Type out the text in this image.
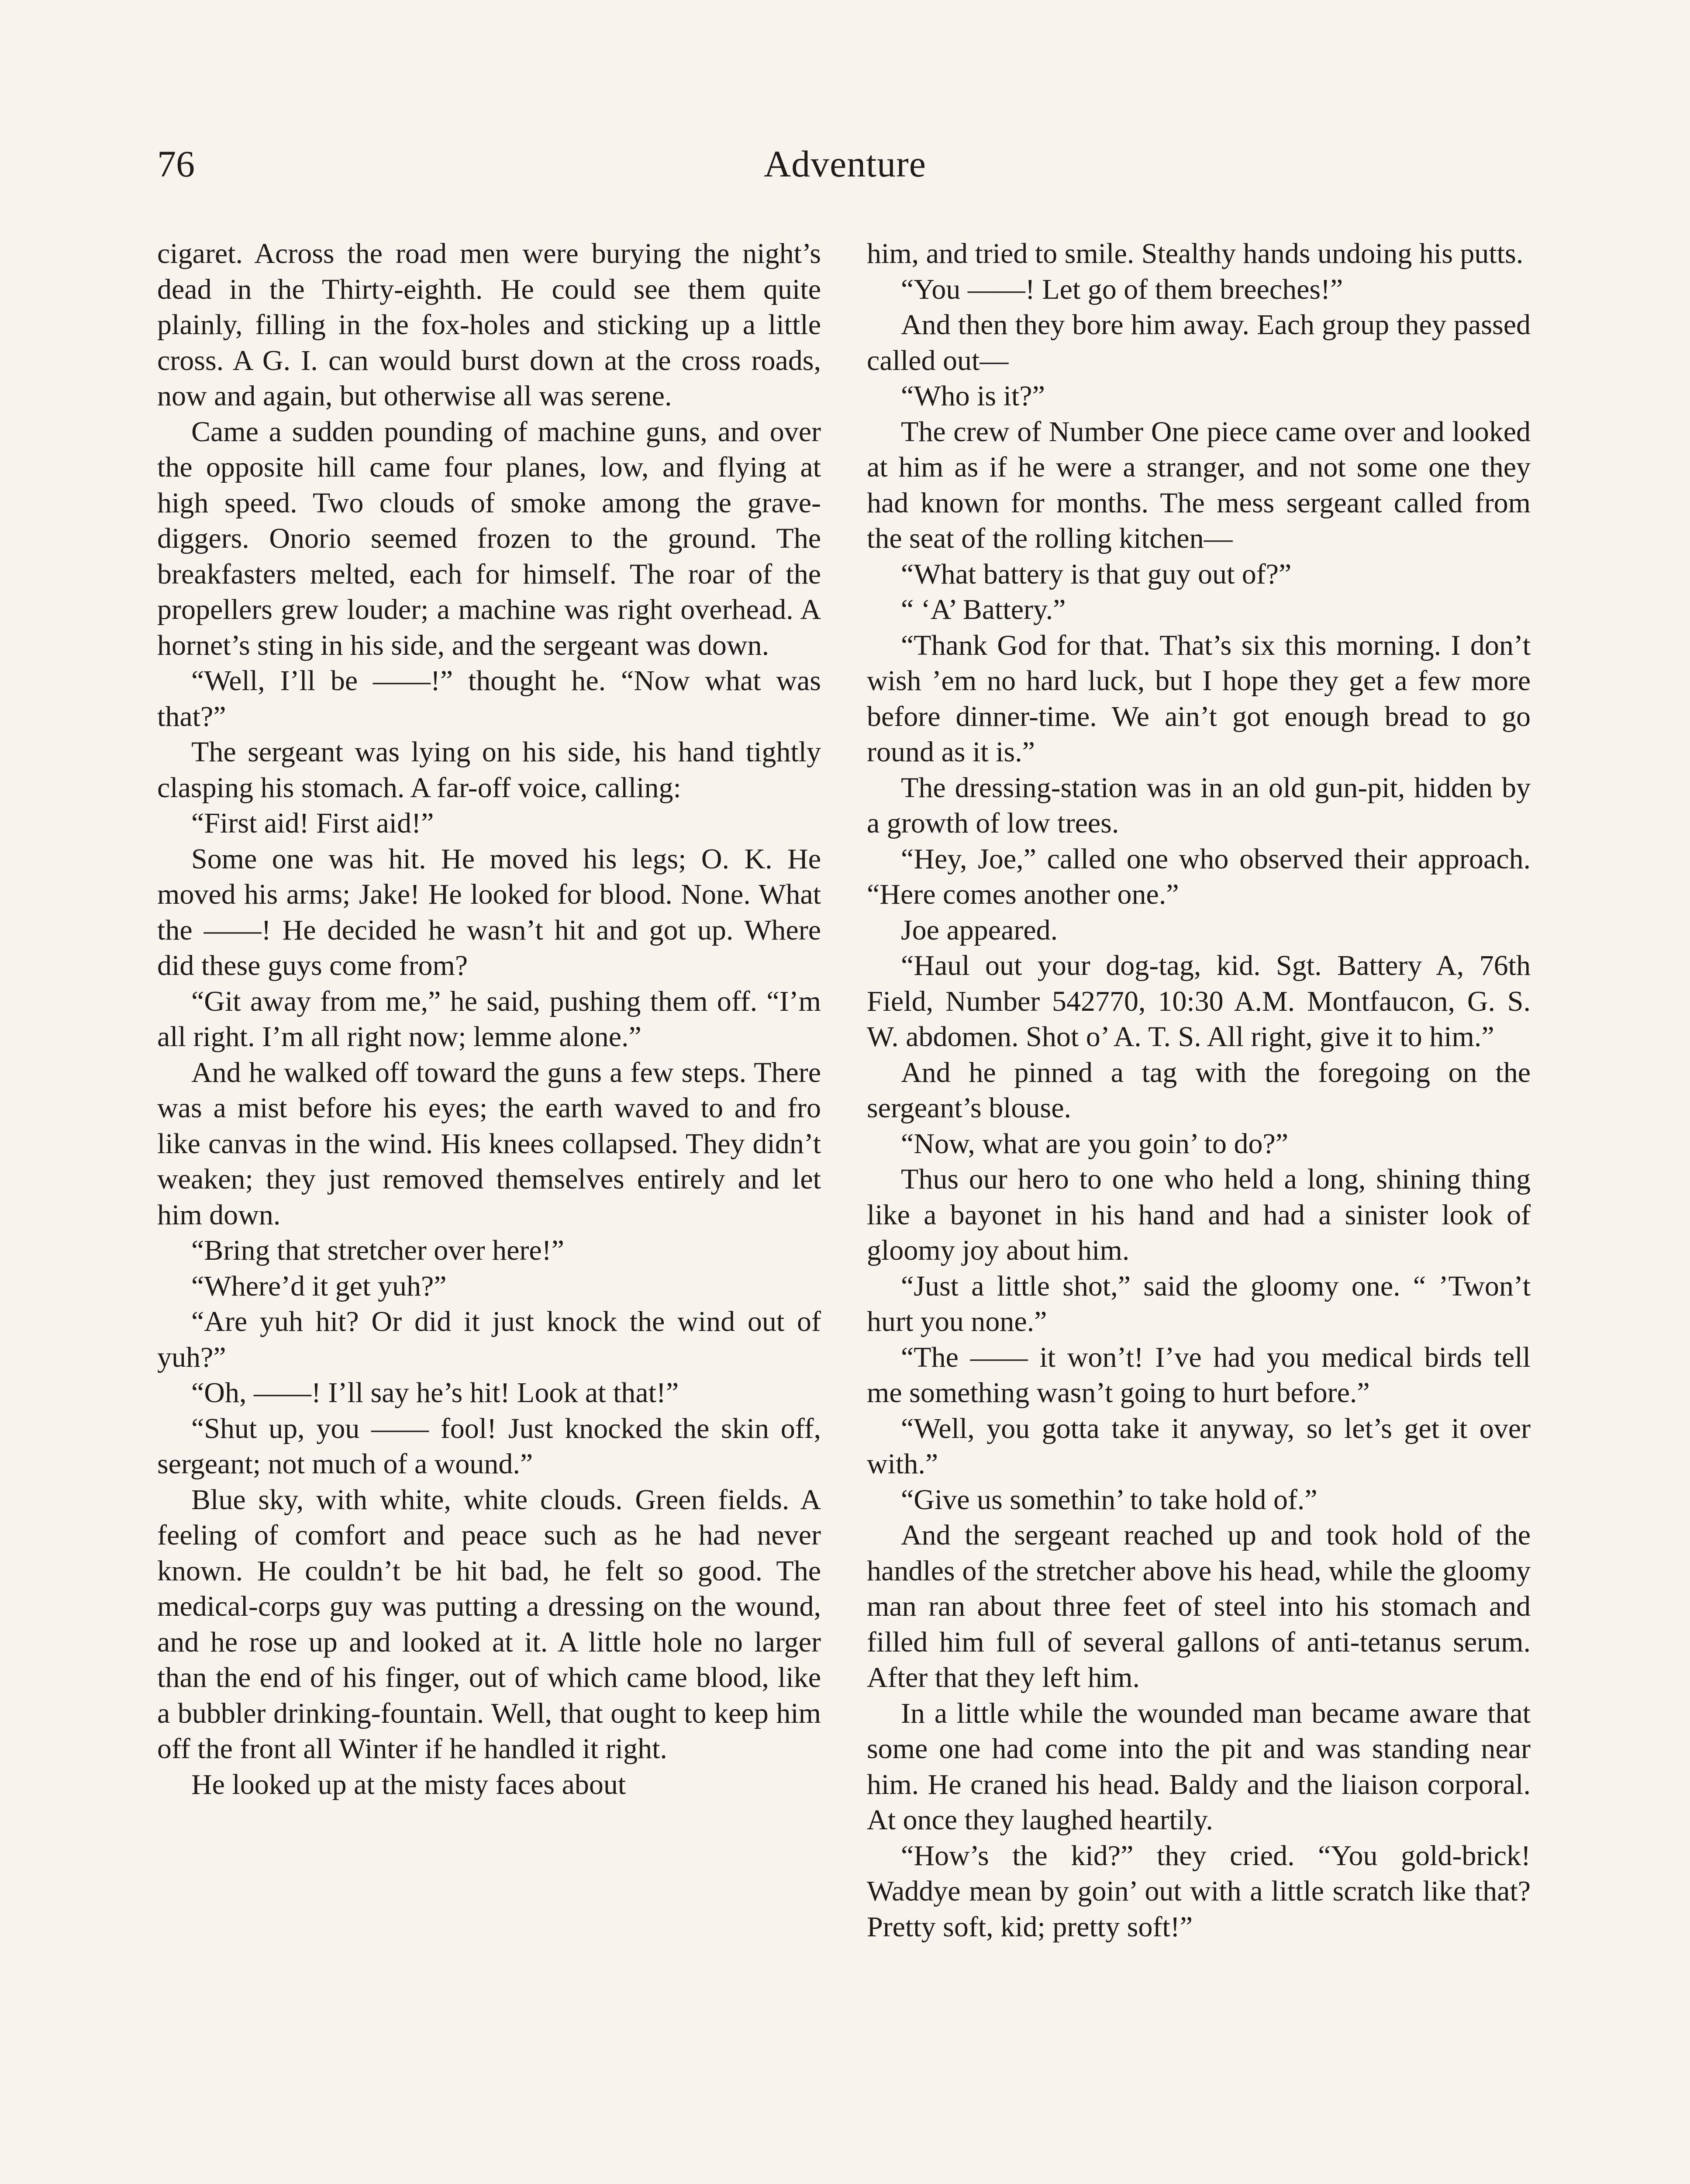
76	Adventure

cigaret. Across the road men were burying the night’s dead in the Thirty-eighth. He could see them quite plainly, filling in the fox-holes and sticking up a little cross. A G. I. can would burst down at the cross roads, now and again, but otherwise all was serene.

Came a sudden pounding of machine guns, and over the opposite hill came four planes, low, and flying at high speed. Two clouds of smoke among the grave-diggers. Onorio seemed frozen to the ground. The breakfasters melted, each for himself. The roar of the propellers grew louder; a machine was right overhead. A hornet’s sting in his side, and the sergeant was down.

“Well, I’ll be ——!” thought he. “Now what was that?”

The sergeant was lying on his side, his hand tightly clasping his stomach. A far-off voice, calling:

“First aid! First aid!”

Some one was hit. He moved his legs; O. K. He moved his arms; Jake! He looked for blood. None. What the ——! He decided he wasn’t hit and got up. Where did these guys come from?

“Git away from me,” he said, pushing them off. “I’m all right. I’m all right now; lemme alone.”

And he walked off toward the guns a few steps. There was a mist before his eyes; the earth waved to and fro like canvas in the wind. His knees collapsed. They didn’t weaken; they just removed themselves entirely and let him down.

“Bring that stretcher over here!”

“Where’d it get yuh?”

“Are yuh hit? Or did it just knock the wind out of yuh?”

“Oh, ——! I’ll say he’s hit! Look at that!”

“Shut up, you —— fool! Just knocked the skin off, sergeant; not much of a wound.”

Blue sky, with white, white clouds. Green fields. A feeling of comfort and peace such as he had never known. He couldn’t be hit bad, he felt so good. The medical-corps guy was putting a dressing on the wound, and he rose up and looked at it. A little hole no larger than the end of his finger, out of which came blood, like a bubbler drinking-fountain. Well, that ought to keep him off the front all Winter if he handled it right.

He looked up at the misty faces about

him, and tried to smile. Stealthy hands undoing his putts.

“You ——! Let go of them breeches!”

And then they bore him away. Each group they passed called out—

“Who is it?”

The crew of Number One piece came over and looked at him as if he were a stranger, and not some one they had known for months. The mess sergeant called from the seat of the rolling kitchen—

“What battery is that guy out of?”

“ ‘A’ Battery.”

“Thank God for that. That’s six this morning. I don’t wish ’em no hard luck, but I hope they get a few more before dinner-time. We ain’t got enough bread to go round as it is.”

The dressing-station was in an old gun-pit, hidden by a growth of low trees.

“Hey, Joe,” called one who observed their approach. “Here comes another one.”

Joe appeared.

“Haul out your dog-tag, kid. Sgt. Battery A, 76th Field, Number 542770, 10:30 A.M. Montfaucon, G. S. W. abdomen. Shot o’ A. T. S. All right, give it to him.”

And he pinned a tag with the foregoing on the sergeant’s blouse.

“Now, what are you goin’ to do?”

Thus our hero to one who held a long, shining thing like a bayonet in his hand and had a sinister look of gloomy joy about him.

“Just a little shot,” said the gloomy one. “ ’Twon’t hurt you none.”

“The —— it won’t! I’ve had you medical birds tell me something wasn’t going to hurt before.”

“Well, you gotta take it anyway, so let’s get it over with.”

“Give us somethin’ to take hold of.”

And the sergeant reached up and took hold of the handles of the stretcher above his head, while the gloomy man ran about three feet of steel into his stomach and filled him full of several gallons of anti-tetanus serum. After that they left him.

In a little while the wounded man became aware that some one had come into the pit and was standing near him. He craned his head. Baldy and the liaison corporal. At once they laughed heartily.

“How’s the kid?” they cried. “You gold-brick! Waddye mean by goin’ out with a little scratch like that? Pretty soft, kid; pretty soft!”
